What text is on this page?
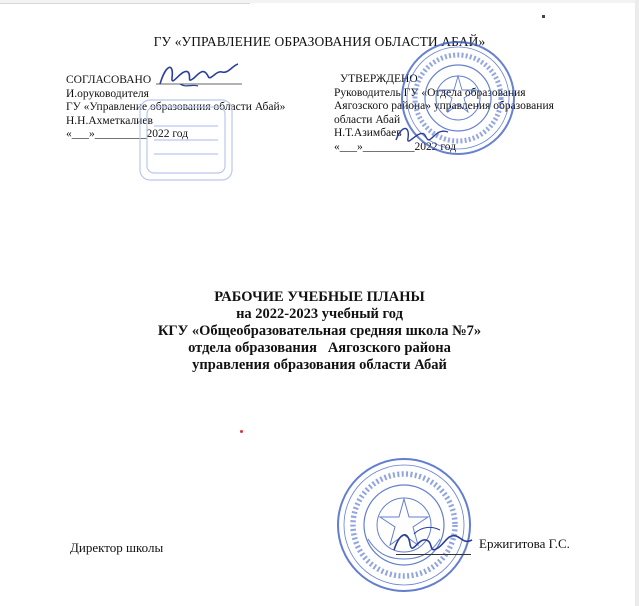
ГУ «УПРАВЛЕНИЕ ОБРАЗОВАНИЯ ОБЛАСТИ АБАЙ»
СОГЛАСОВАНО
И.оруководителя
ГУ «Управление образования области Абай»
Н.Н.Ахметкалиев
«___»_________2022 год
УТВЕРЖДЕНО
Руководитель ГУ «Отдела образования
Аягозского района» управления образования
области Абай
Н.Т.Азимбаев
«___»_________2022 год
РАБОЧИЕ УЧЕБНЫЕ ПЛАНЫ
на 2022-2023 учебный год
КГУ «Общеобразовательная средняя школа №7»
отдела образования   Аягозского района
управления образования области Абай
Директор школы	Ержигитова Г.С.
